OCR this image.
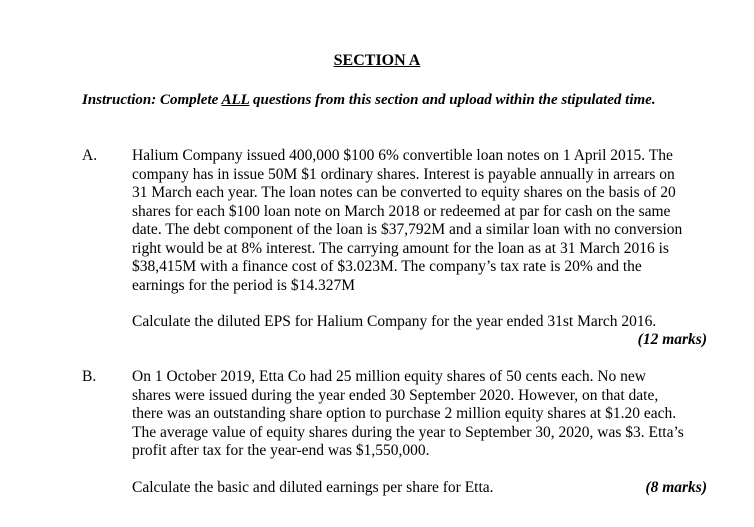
SECTION A
Instruction: Complete ALL questions from this section and upload within the stipulated time.
A. Halium Company issued 400,000 $100 6% convertible loan notes on 1 April 2015. The
company has in issue 50M $1 ordinary shares. Interest is payable annually in arrears on
31 March each year. The loan notes can be converted to equity shares on the basis of 20
shares for each $100 loan note on March 2018 or redeemed at par for cash on the same
date. The debt component of the loan is $37,792M and a similar loan with no conversion
right would be at 8% interest. The carrying amount for the loan as at 31 March 2016 is
$38,415M with a finance cost of $3.023M. The company’s tax rate is 20% and the
earnings for the period is $14.327M
Calculate the diluted EPS for Halium Company for the year ended 31st March 2016.
(12 marks)
B. On 1 October 2019, Etta Co had 25 million equity shares of 50 cents each. No new
shares were issued during the year ended 30 September 2020. However, on that date,
there was an outstanding share option to purchase 2 million equity shares at $1.20 each.
The average value of equity shares during the year to September 30, 2020, was $3. Etta’s
profit after tax for the year-end was $1,550,000.
Calculate the basic and diluted earnings per share for Etta.	(8 marks)
